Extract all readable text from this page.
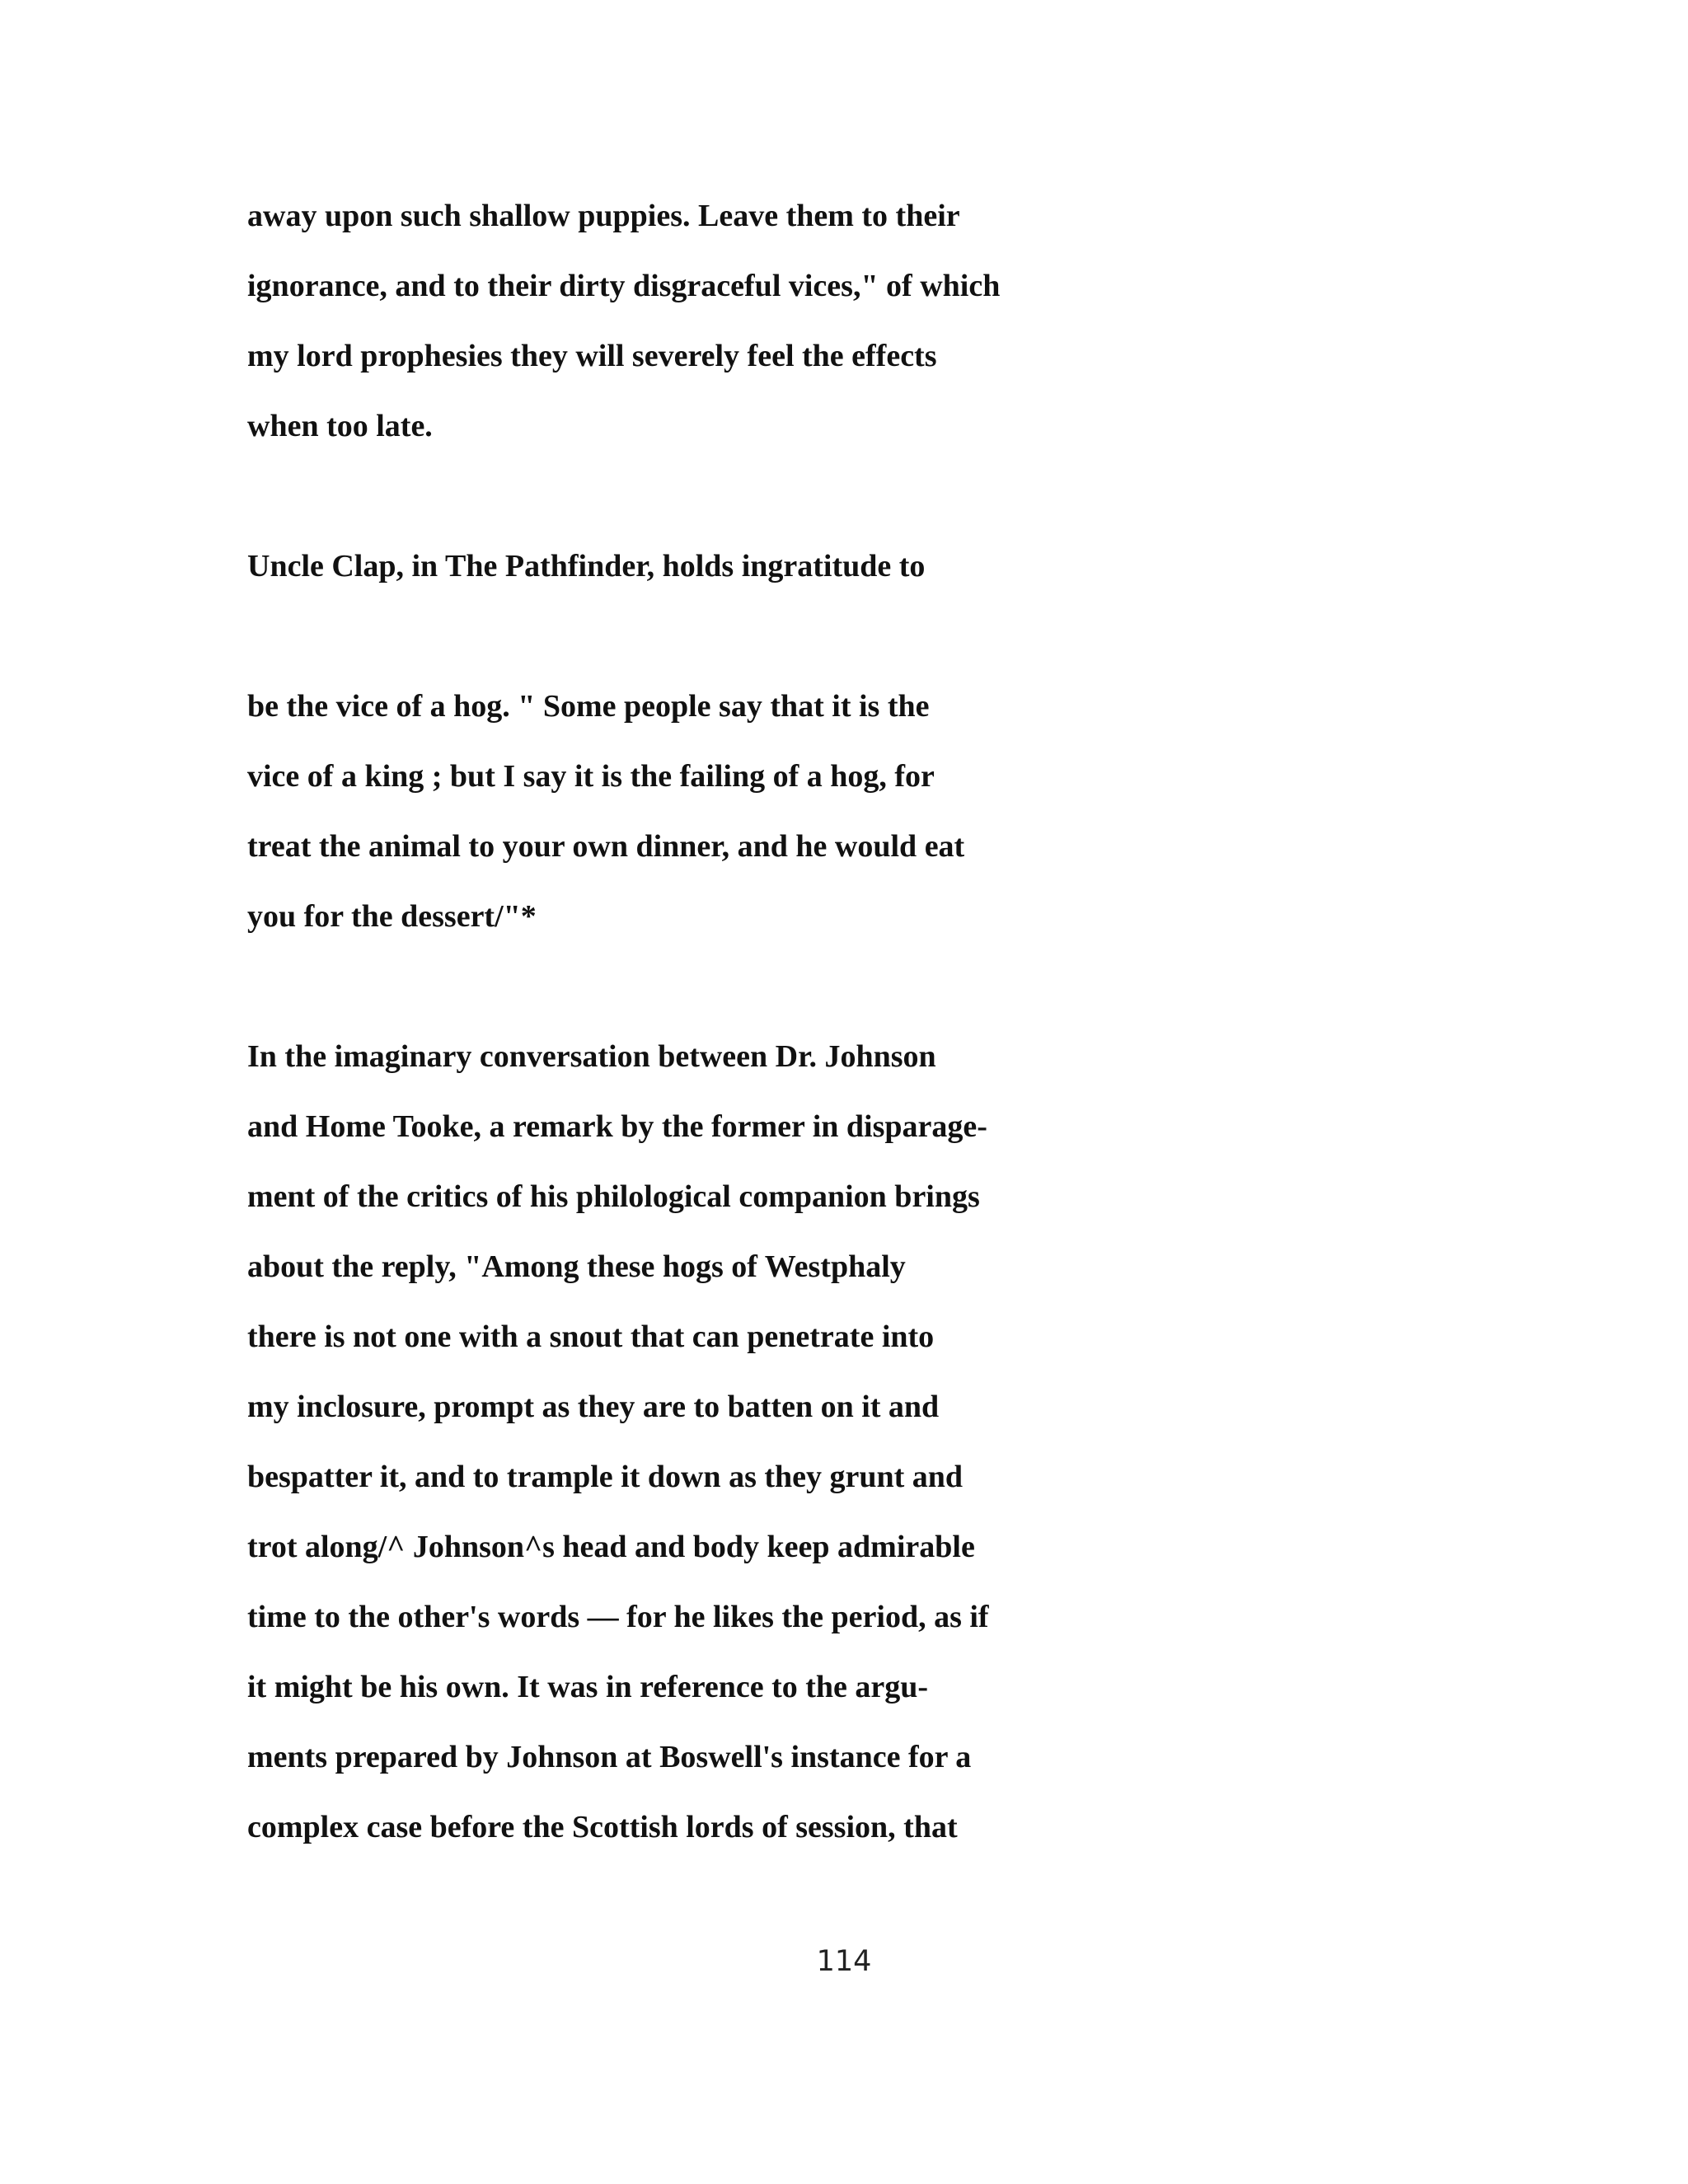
away upon such shallow puppies. Leave them to their
ignorance, and to their dirty disgraceful vices," of which
my lord prophesies they will severely feel the effects
when too late.
Uncle Clap, in The Pathfinder, holds ingratitude to
be the vice of a hog. " Some people say that it is the
vice of a king ; but I say it is the failing of a hog, for
treat the animal to your own dinner, and he would eat
you for the dessert/"*
In the imaginary conversation between Dr. Johnson
and Home Tooke, a remark by the former in disparage-
ment of the critics of his philological companion brings
about the reply, "Among these hogs of Westphaly
there is not one with a snout that can penetrate into
my inclosure, prompt as they are to batten on it and
bespatter it, and to trample it down as they grunt and
trot along/^ Johnson^s head and body keep admirable
time to the other's words — for he likes the period, as if
it might be his own. It was in reference to the argu-
ments prepared by Johnson at Boswell's instance for a
complex case before the Scottish lords of session, that
114
